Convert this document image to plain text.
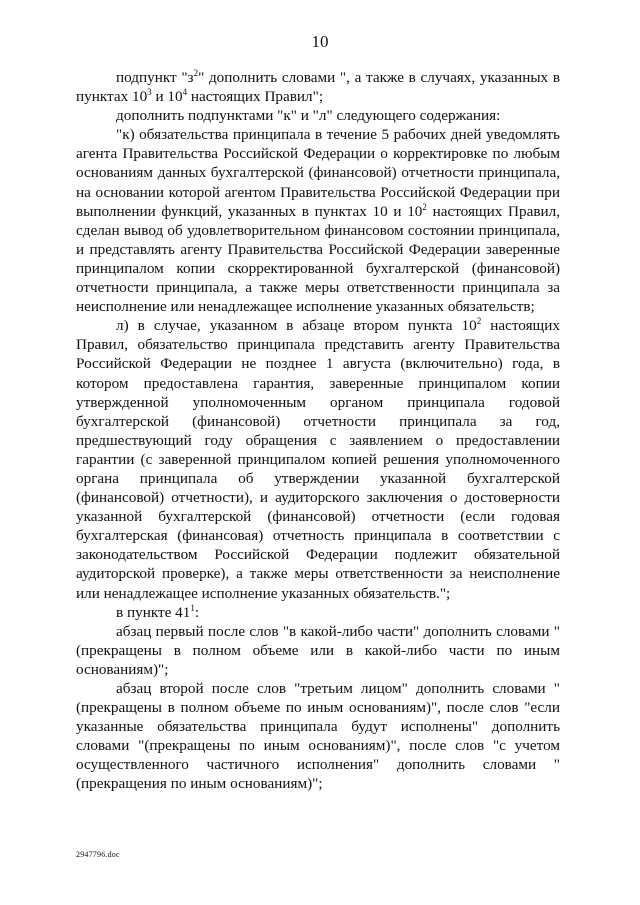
10

подпункт "$з^2$" дополнить словами ", а также в случаях, указанных в пунктах $10^3$ и $10^4$ настоящих Правил";

дополнить подпунктами "к" и "л" следующего содержания:

"к) обязательства принципала в течение 5 рабочих дней уведомлять агента Правительства Российской Федерации о корректировке по любым основаниям данных бухгалтерской (финансовой) отчетности принципала, на основании которой агентом Правительства Российской Федерации при выполнении функций, указанных в пунктах 10 и $10^2$ настоящих Правил, сделан вывод об удовлетворительном финансовом состоянии принципала, и представлять агенту Правительства Российской Федерации заверенные принципалом копии скорректированной бухгалтерской (финансовой) отчетности принципала, а также меры ответственности принципала за неисполнение или ненадлежащее исполнение указанных обязательств;

л) в случае, указанном в абзаце втором пункта $10^2$ настоящих Правил, обязательство принципала представить агенту Правительства Российской Федерации не позднее 1 августа (включительно) года, в котором предоставлена гарантия, заверенные принципалом копии утвержденной уполномоченным органом принципала годовой бухгалтерской (финансовой) отчетности принципала за год, предшествующий году обращения с заявлением о предоставлении гарантии (с заверенной принципалом копией решения уполномоченного органа принципала об утверждении указанной бухгалтерской (финансовой) отчетности), и аудиторского заключения о достоверности указанной бухгалтерской (финансовой) отчетности (если годовая бухгалтерская (финансовая) отчетность принципала в соответствии с законодательством Российской Федерации подлежит обязательной аудиторской проверке), а также меры ответственности за неисполнение или ненадлежащее исполнение указанных обязательств.";

в пункте $41^1$:

абзац первый после слов "в какой-либо части" дополнить словами "(прекращены в полном объеме или в какой-либо части по иным основаниям)";

абзац второй после слов "третьим лицом" дополнить словами "(прекращены в полном объеме по иным основаниям)", после слов "если указанные обязательства принципала будут исполнены" дополнить словами "(прекращены по иным основаниям)", после слов "с учетом осуществленного частичного исполнения" дополнить словами "(прекращения по иным основаниям)";

2947796.doc
